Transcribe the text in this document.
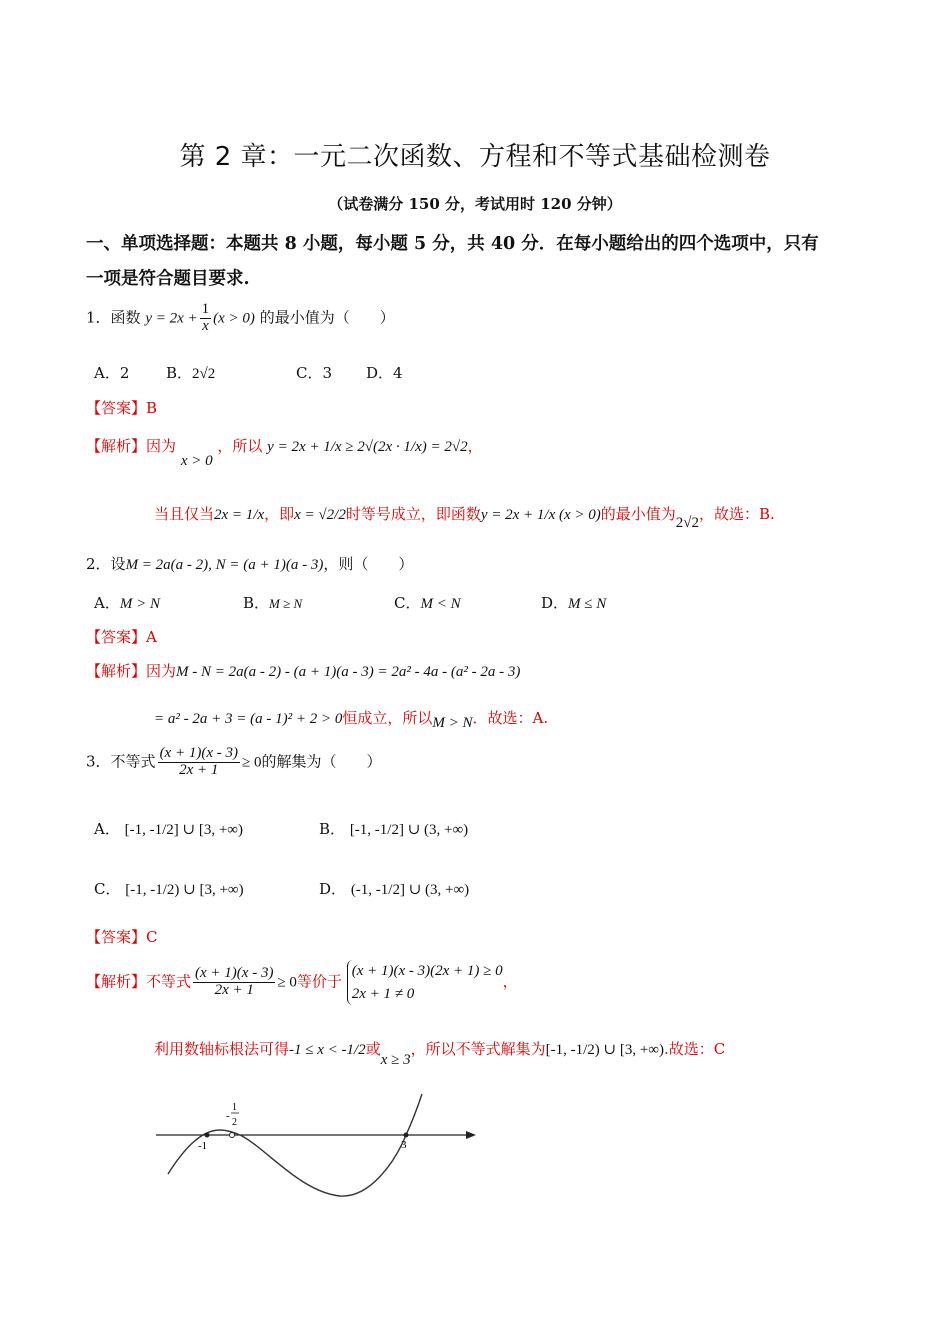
第 2 章：一元二次函数、方程和不等式基础检测卷
（试卷满分 150 分，考试用时 120 分钟）
一、单项选择题：本题共 8 小题，每小题 5 分，共 40 分．在每小题给出的四个选项中，只有
一项是符合题目要求.
1．函数 $y = 2x + \frac{1}{x} (x > 0)$ 的最小值为（　　）
A．2 B．2√2	C．3 D．4
【答案】B
【解析】因为 x > 0 ，所以 y = 2x + 1/x ≥ 2√(2x · 1/x) = 2√2，
当且仅当2x = 1/x，即x = √2/2时等号成立，即函数y = 2x + 1/x (x > 0)的最小值为2√2，故选：B.
2．设M = 2a(a - 2), N = (a + 1)(a - 3)，则（　　）
A．M > N	B．M ≥ N	C．M < N	D．M ≤ N
【答案】A
【解析】因为M - N = 2a(a - 2) - (a + 1)(a - 3) = 2a² - 4a - (a² - 2a - 3)
= a² - 2a + 3 = (a - 1)² + 2 > 0恒成立，所以M > N．故选：A.
3．不等式 $\frac{(x + 1)(x - 3)}{2x + 1} \ge 0$的解集为（　　）
A． [-1, -1/2] ∪ [3, +∞)	B． [-1, -1/2] ∪ (3, +∞)
C． [-1, -1/2) ∪ [3, +∞)	D． (-1, -1/2] ∪ (3, +∞)
【答案】C
【解析】不等式 $\frac{(x + 1)(x - 3)}{2x + 1} \ge 0$等价于
(x + 1)(x - 3)(2x + 1) ≥ 0
2x + 1 ≠ 0
，
利用数轴标根法可得-1 ≤ x < -1/2或x ≥ 3，所以不等式解集为[-1, -1/2) ∪ [3, +∞).故选：C
-1
-
1
2
3
